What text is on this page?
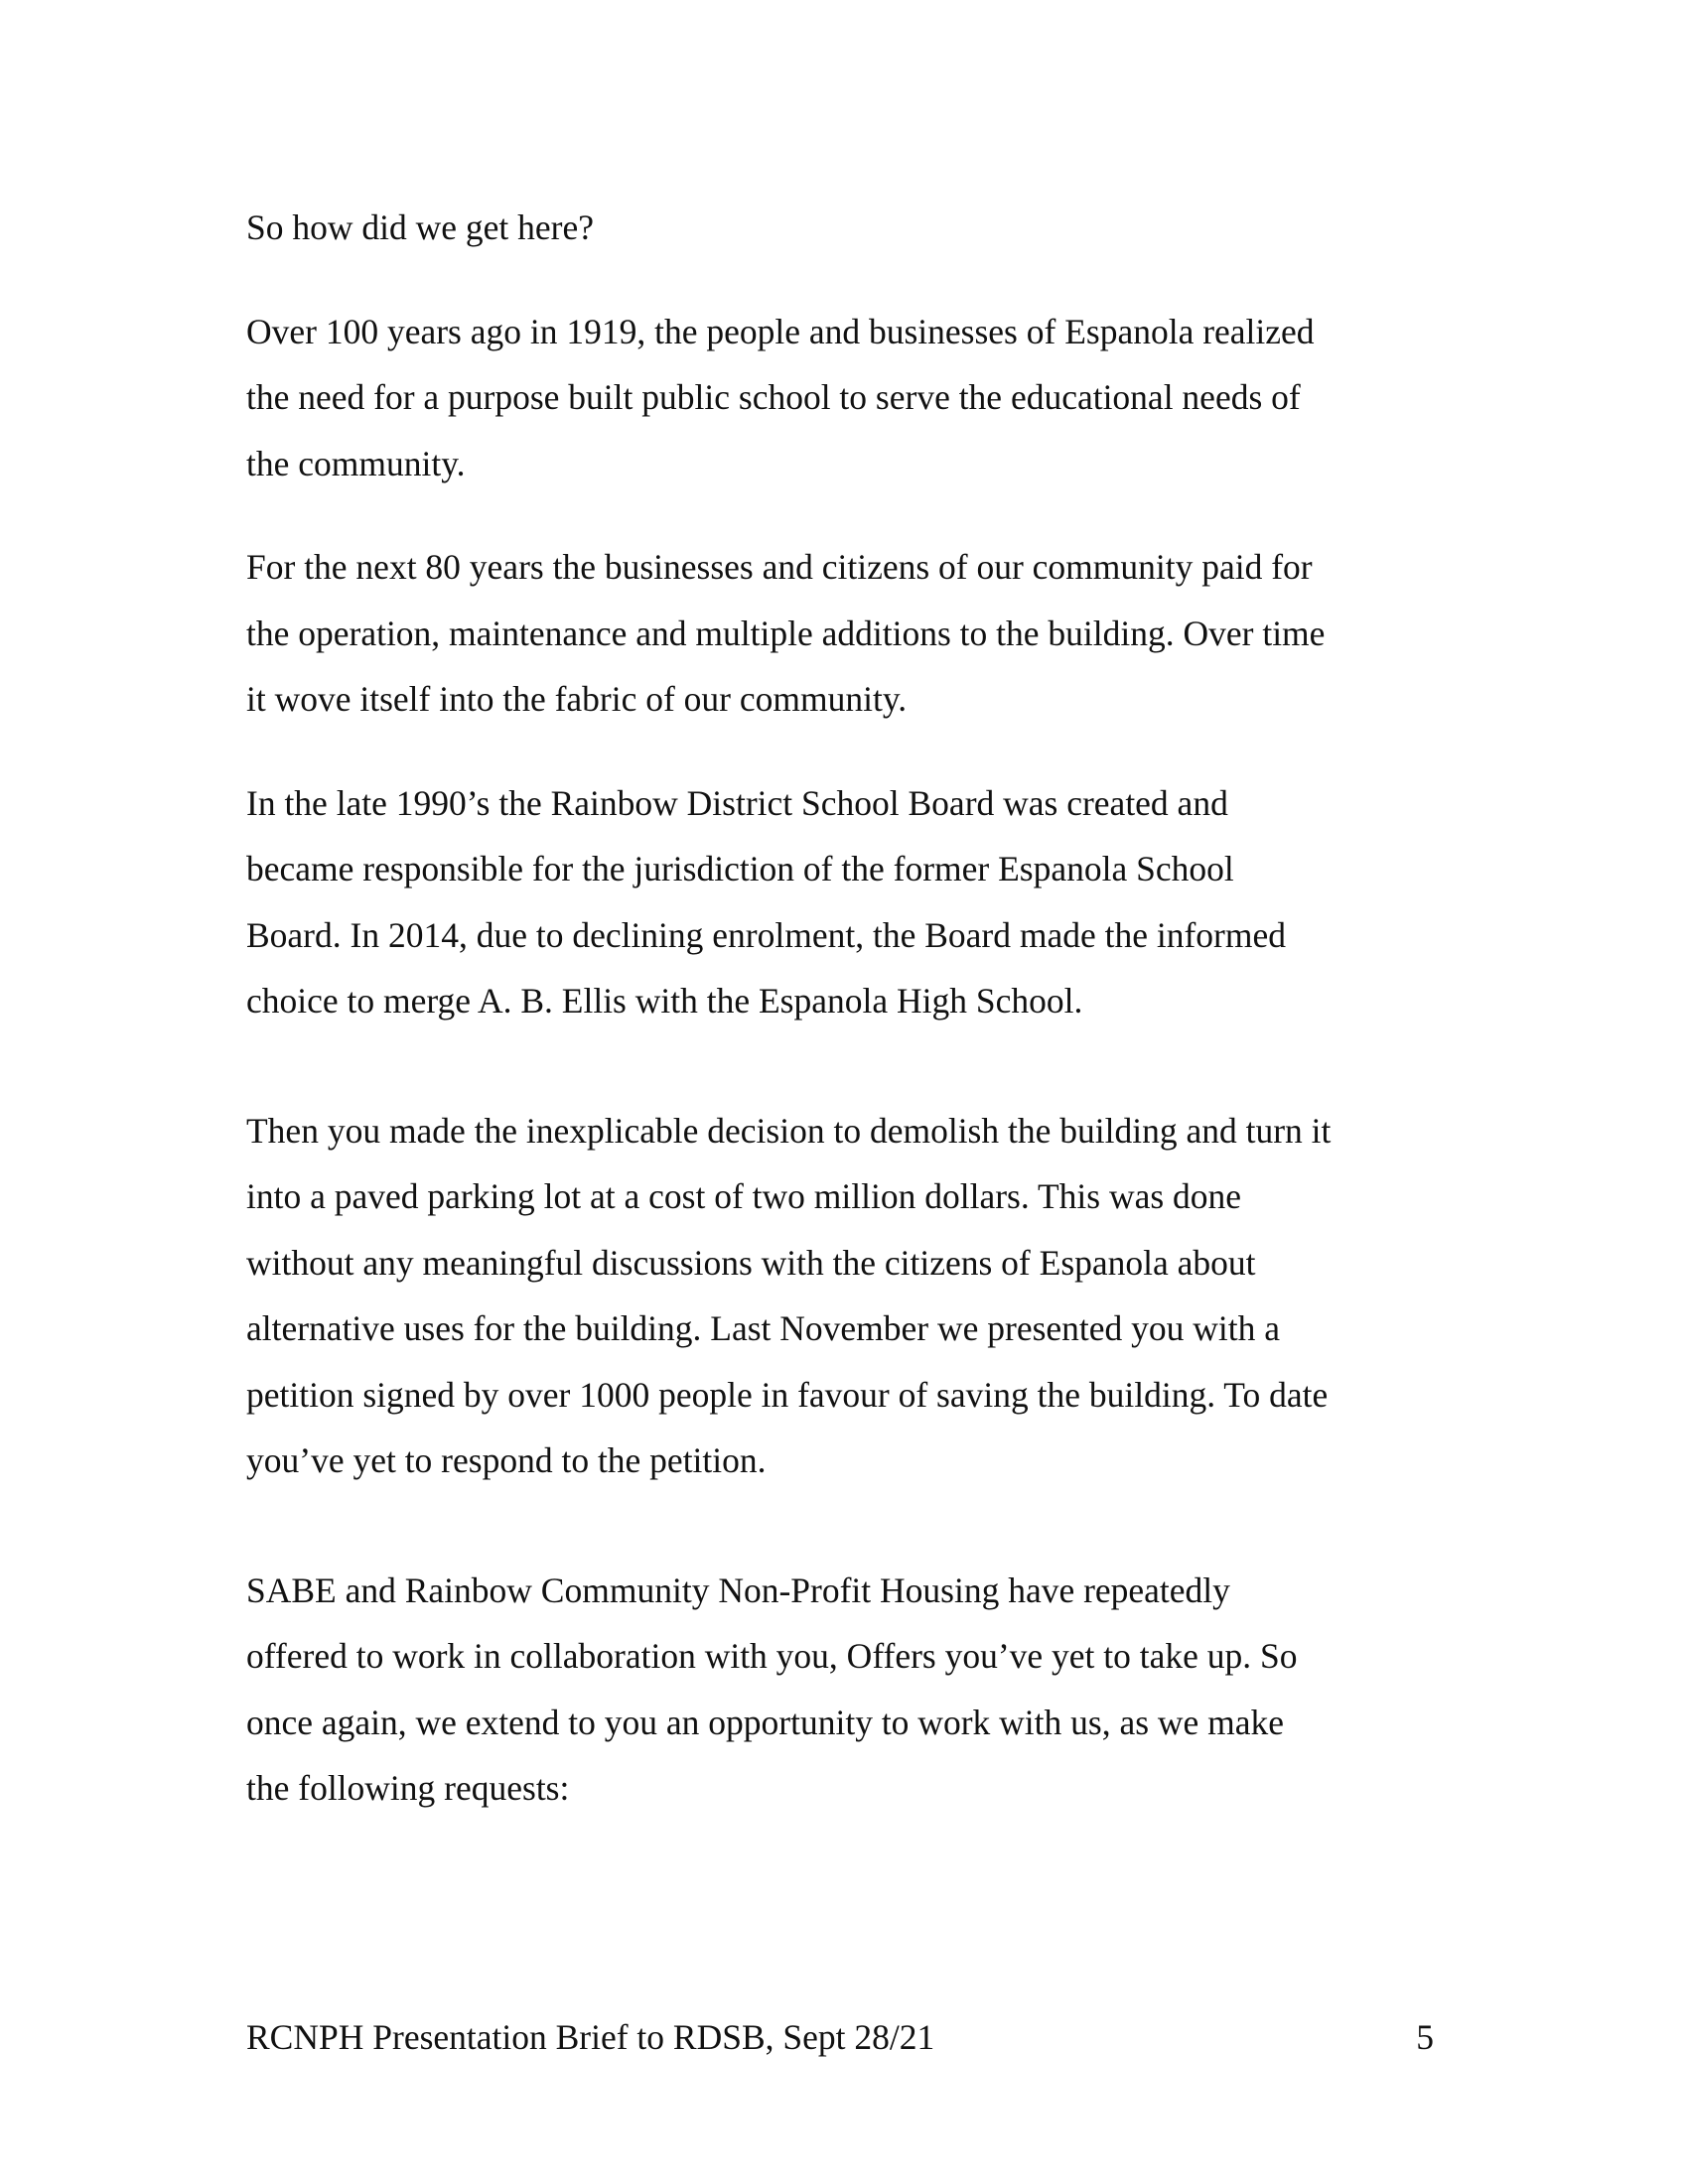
So how did we get here?
Over 100 years ago in 1919, the people and businesses of Espanola realized
the need for a purpose built public school to serve the educational needs of
the community.
For the next 80 years the businesses and citizens of our community paid for
the operation, maintenance and multiple additions to the building. Over time
it wove itself into the fabric of our community.
In the late 1990’s the Rainbow District School Board was created and
became responsible for the jurisdiction of the former Espanola School
Board. In 2014, due to declining enrolment, the Board made the informed
choice to merge A. B. Ellis with the Espanola High School.
Then you made the inexplicable decision to demolish the building and turn it
into a paved parking lot at a cost of two million dollars. This was done
without any meaningful discussions with the citizens of Espanola about
alternative uses for the building. Last November we presented you with a
petition signed by over 1000 people in favour of saving the building. To date
you’ve yet to respond to the petition.
SABE and Rainbow Community Non-Profit Housing have repeatedly
offered to work in collaboration with you, Offers you’ve yet to take up. So
once again, we extend to you an opportunity to work with us, as we make
the following requests:
RCNPH Presentation Brief to RDSB, Sept 28/21	5
